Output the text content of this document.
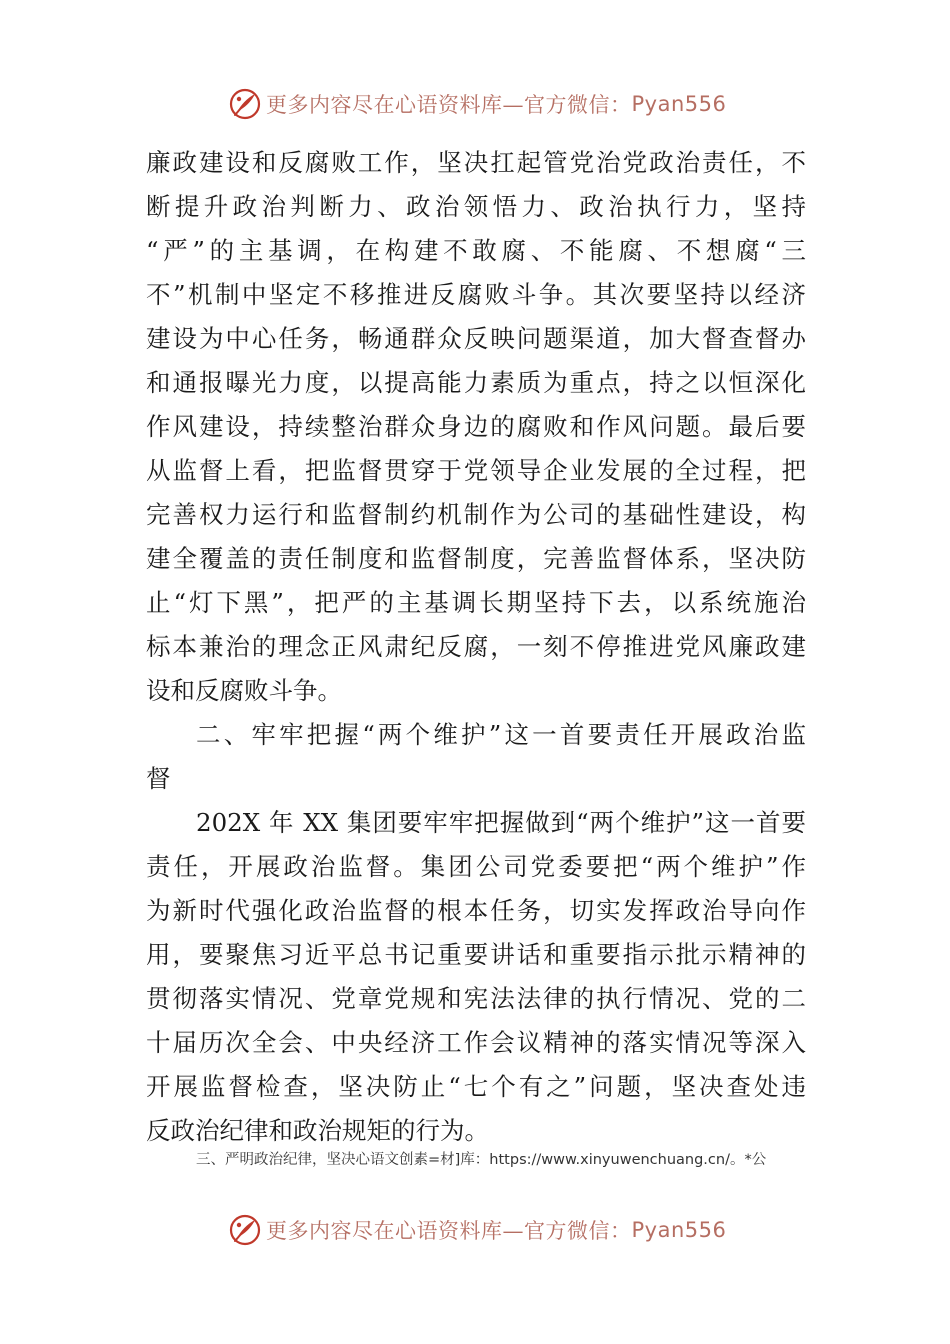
更多内容尽在心语资料库—官方微信： Pyan556
廉政建设和反腐败工作，坚决扛起管党治党政治责任，不
断提升政治判断力、政治领悟力、政治执行力，坚持
“严”的主基调，在构建不敢腐、不能腐、不想腐“三
不”机制中坚定不移推进反腐败斗争。其次要坚持以经济
建设为中心任务，畅通群众反映问题渠道，加大督查督办
和通报曝光力度，以提高能力素质为重点，持之以恒深化
作风建设，持续整治群众身边的腐败和作风问题。最后要
从监督上看，把监督贯穿于党领导企业发展的全过程，把
完善权力运行和监督制约机制作为公司的基础性建设，构
建全覆盖的责任制度和监督制度，完善监督体系，坚决防
止“灯下黑”，把严的主基调长期坚持下去，以系统施治
标本兼治的理念正风肃纪反腐，一刻不停推进党风廉政建
设和反腐败斗争。
二、牢牢把握“两个维护”这一首要责任开展政治监
督
202X 年 XX 集团要牢牢把握做到“两个维护”这一首要
责任，开展政治监督。集团公司党委要把“两个维护”作
为新时代强化政治监督的根本任务，切实发挥政治导向作
用，要聚焦习近平总书记重要讲话和重要指示批示精神的
贯彻落实情况、党章党规和宪法法律的执行情况、党的二
十届历次全会、中央经济工作会议精神的落实情况等深入
开展监督检查，坚决防止“七个有之”问题，坚决查处违
反政治纪律和政治规矩的行为。
三、严明政治纪律，坚决心语文创素=材]库：https://www.xinyuwenchuang.cn/。*公
更多内容尽在心语资料库—官方微信： Pyan556
